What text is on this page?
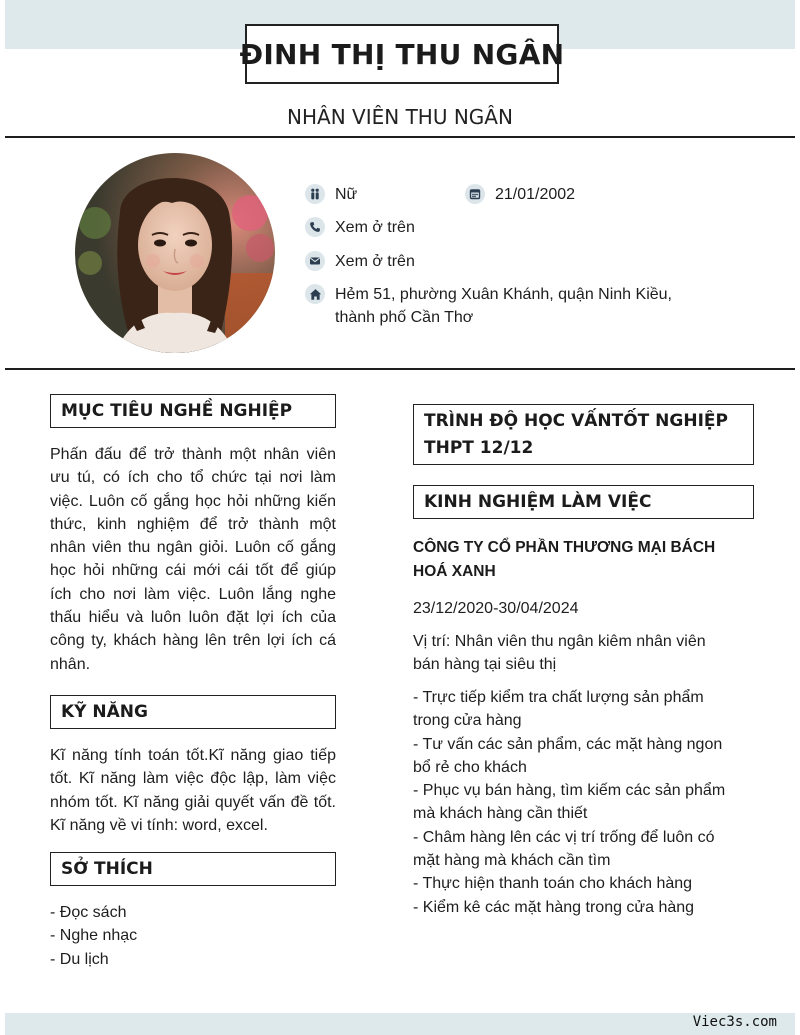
ĐINH THỊ THU NGÂN
NHÂN VIÊN THU NGÂN
Nữ	21/01/2002
Xem ở trên
Xem ở trên
Hẻm 51, phường Xuân Khánh, quận Ninh Kiều, thành phố Cần Thơ
MỤC TIÊU NGHỀ NGHIỆP
Phấn đấu để trở thành một nhân viên ưu tú, có ích cho tổ chức tại nơi làm việc. Luôn cố gắng học hỏi những kiến thức, kinh nghiệm để trở thành một nhân viên thu ngân giỏi. Luôn cố gắng học hỏi những cái mới cái tốt để giúp ích cho nơi làm việc. Luôn lắng nghe thấu hiểu và luôn luôn đặt lợi ích của công ty, khách hàng lên trên lợi ích cá nhân.
KỸ NĂNG
Kĩ năng tính toán tốt.Kĩ năng giao tiếp tốt. Kĩ năng làm việc độc lập, làm việc nhóm tốt. Kĩ năng giải quyết vấn đề tốt. Kĩ năng về vi tính: word, excel.
SỞ THÍCH
- Đọc sách
- Nghe nhạc
- Du lịch
TRÌNH ĐỘ HỌC VẤNTỐT NGHIỆP THPT 12/12
KINH NGHIỆM LÀM VIỆC
CÔNG TY CỔ PHẦN THƯƠNG MẠI BÁCH HOÁ XANH
23/12/2020-30/04/2024
Vị trí: Nhân viên thu ngân kiêm nhân viên bán hàng tại siêu thị
- Trực tiếp kiểm tra chất lượng sản phẩm trong cửa hàng
- Tư vấn các sản phẩm, các mặt hàng ngon bổ rẻ cho khách
- Phục vụ bán hàng, tìm kiếm các sản phẩm mà khách hàng cần thiết
- Châm hàng lên các vị trí trống để luôn có mặt hàng mà khách cần tìm
- Thực hiện thanh toán cho khách hàng
- Kiểm kê các mặt hàng trong cửa hàng
Viec3s.com
